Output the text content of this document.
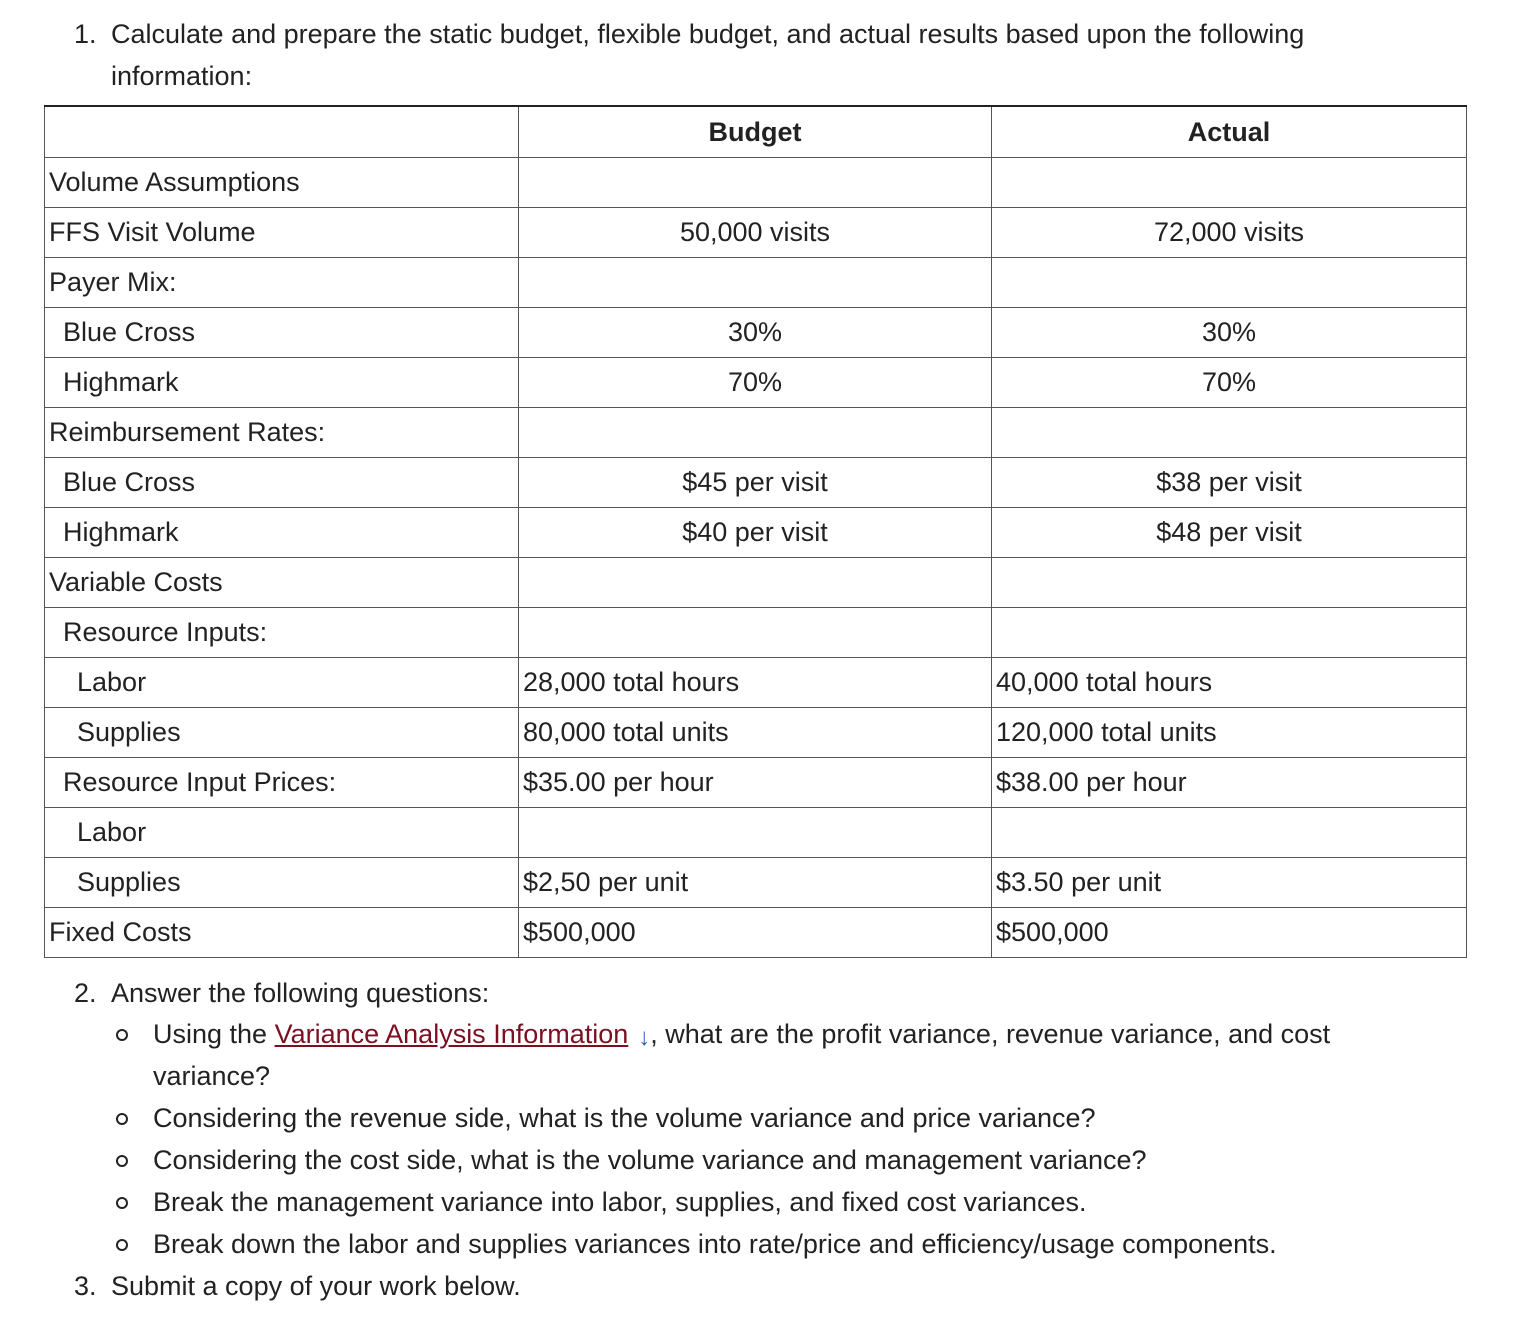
1. Calculate and prepare the static budget, flexible budget, and actual results based upon the following
information:
	Budget	Actual
Volume Assumptions		
FFS Visit Volume	50,000 visits	72,000 visits
Payer Mix:		
Blue Cross	30%	30%
Highmark	70%	70%
Reimbursement Rates:		
Blue Cross	$45 per visit	$38 per visit
Highmark	$40 per visit	$48 per visit
Variable Costs		
Resource Inputs:		
Labor	28,000 total hours	40,000 total hours
Supplies	80,000 total units	120,000 total units
Resource Input Prices:	$35.00 per hour	$38.00 per hour
Labor		
Supplies	$2,50 per unit	$3.50 per unit
Fixed Costs	$500,000	$500,000
2. Answer the following questions:
Using the Variance Analysis Information ↓, what are the profit variance, revenue variance, and cost
variance?
Considering the revenue side, what is the volume variance and price variance?
Considering the cost side, what is the volume variance and management variance?
Break the management variance into labor, supplies, and fixed cost variances.
Break down the labor and supplies variances into rate/price and efficiency/usage components.
3. Submit a copy of your work below.
